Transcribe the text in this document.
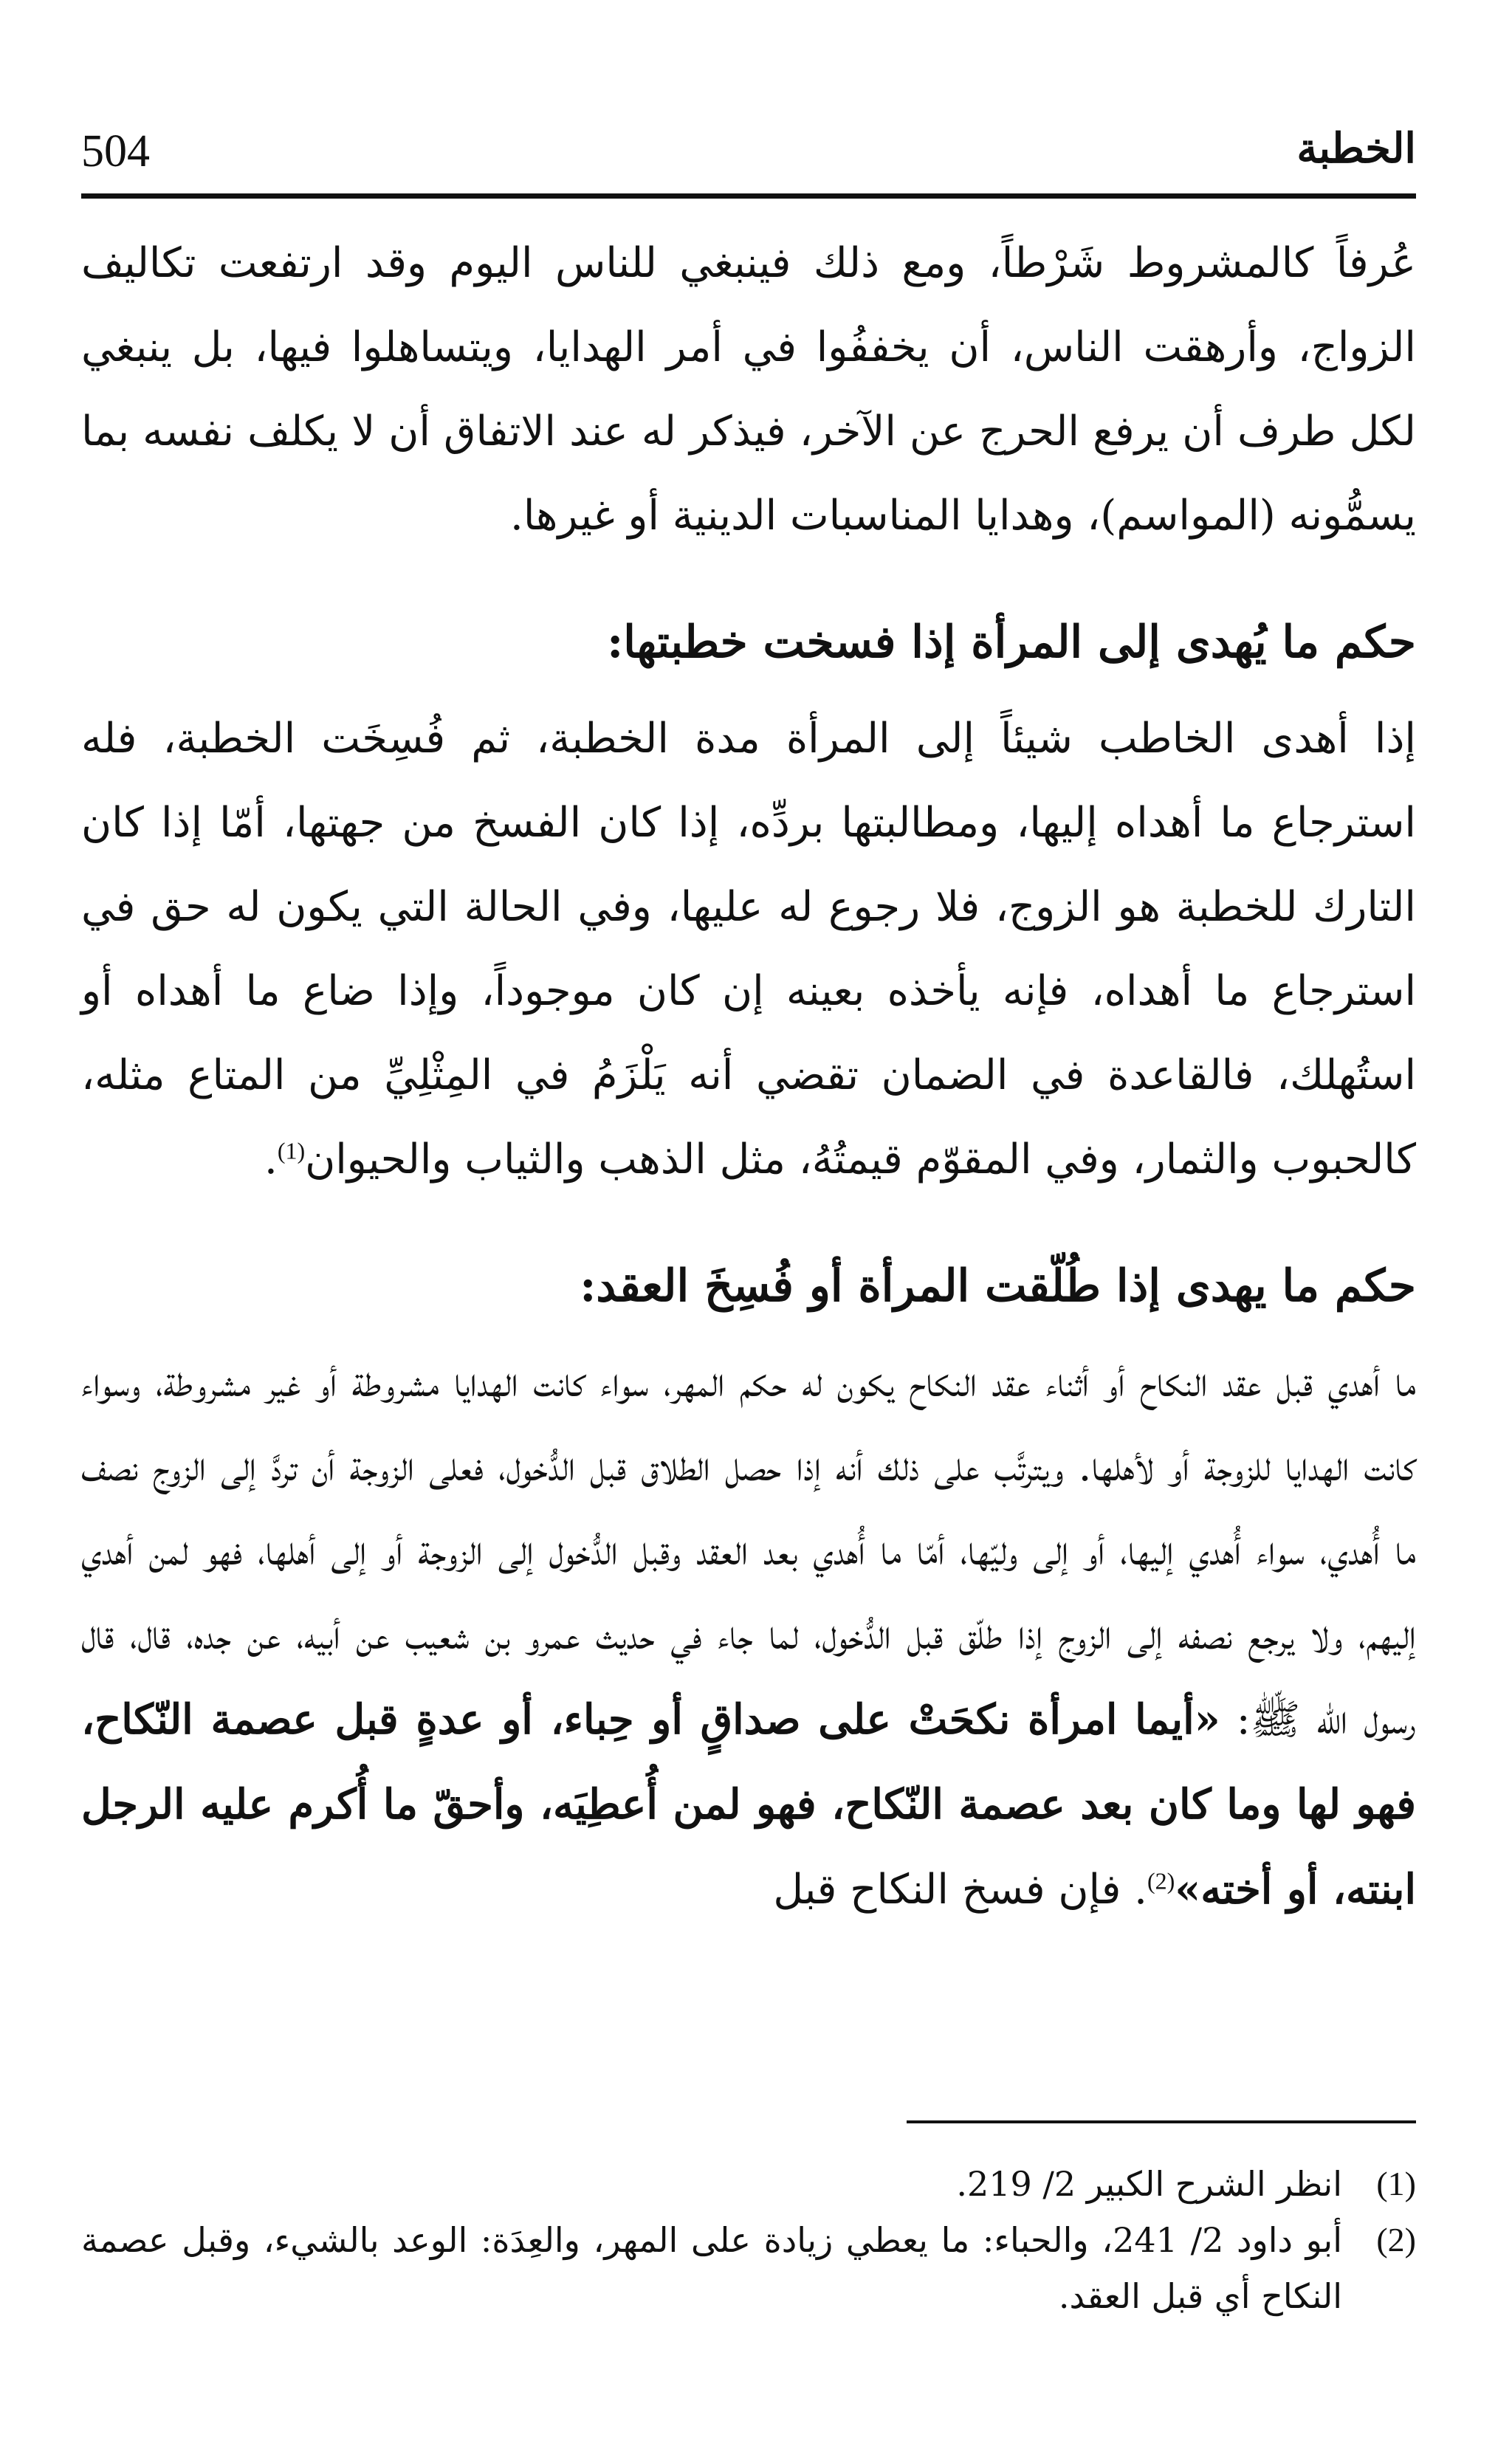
504	الخطبة

عُرفاً كالمشروط شَرْطاً، ومع ذلك فينبغي للناس اليوم وقد ارتفعت تكاليف الزواج، وأرهقت الناس، أن يخففُوا في أمر الهدايا، ويتساهلوا فيها، بل ينبغي لكل طرف أن يرفع الحرج عن الآخر، فيذكر له عند الاتفاق أن لا يكلف نفسه بما يسمُّونه (المواسم)، وهدايا المناسبات الدينية أو غيرها.

حكم ما يُهدى إلى المرأة إذا فسخت خطبتها:

إذا أهدى الخاطب شيئاً إلى المرأة مدة الخطبة، ثم فُسِخَت الخطبة، فله استرجاع ما أهداه إليها، ومطالبتها بردِّه، إذا كان الفسخ من جهتها، أمّا إذا كان التارك للخطبة هو الزوج، فلا رجوع له عليها، وفي الحالة التي يكون له حق في استرجاع ما أهداه، فإنه يأخذه بعينه إن كان موجوداً، وإذا ضاع ما أهداه أو استُهلك، فالقاعدة في الضمان تقضي أنه يَلْزَمُ في المِثْلِيِّ من المتاع مثله، كالحبوب والثمار، وفي المقوّم قيمتُهُ، مثل الذهب والثياب والحيوان$^{(1)}$.

حكم ما يهدى إذا طُلّقت المرأة أو فُسِخَ العقد:

ما أهدي قبل عقد النكاح أو أثناء عقد النكاح يكون له حكم المهر، سواء كانت الهدايا مشروطة أو غير مشروطة، وسواء كانت الهدايا للزوجة أو لأهلها. ويترتَّب على ذلك أنه إذا حصل الطلاق قبل الدُّخول، فعلى الزوجة أن تردَّ إلى الزوج نصف ما أُهدي، سواء أُهدي إليها، أو إلى وليّها، أمّا ما أُهدي بعد العقد وقبل الدُّخول إلى الزوجة أو إلى أهلها، فهو لمن أهدي إليهم، ولا يرجع نصفه إلى الزوج إذا طلّق قبل الدُّخول، لما جاء في حديث عمرو بن شعيب عن أبيه، عن جده، قال، قال رسول الله ﷺ: «أيما امرأة نكحَتْ على صداقٍ أو حِباء، أو عدةٍ قبل عصمة النّكاح، فهو لها وما كان بعد عصمة النّكاح، فهو لمن أُعطِيَه، وأحقّ ما أُكرم عليه الرجل ابنته، أو أخته»$^{(2)}$. فإن فسخ النكاح قبل

(1)
انظر الشرح الكبير 2/ 219.

(2)
أبو داود 2/ 241، والحباء: ما يعطي زيادة على المهر، والعِدَة: الوعد بالشيء، وقبل عصمة النكاح أي قبل العقد.
